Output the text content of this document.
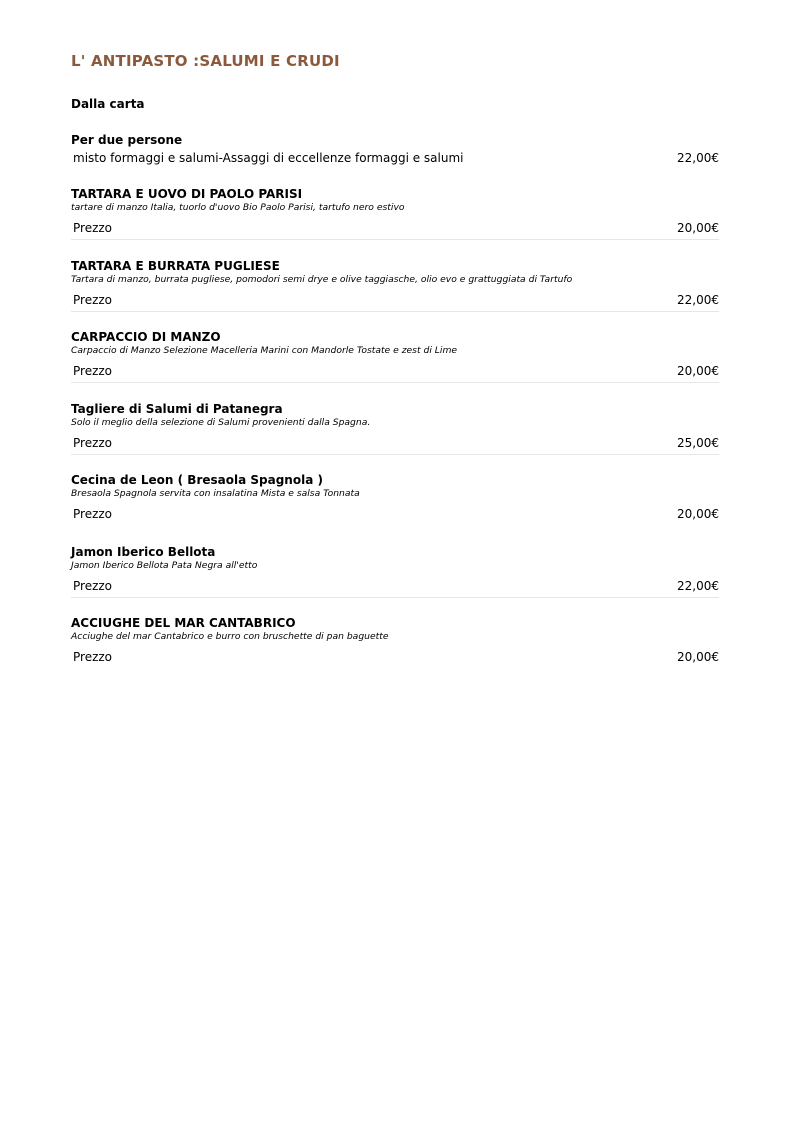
L' ANTIPASTO :SALUMI E CRUDI
Dalla carta
Per due persone
misto formaggi e salumi-Assaggi di eccellenze formaggi e salumi	22,00€
TARTARA E UOVO DI PAOLO PARISI
tartare di manzo Italia, tuorlo d'uovo Bio Paolo Parisi, tartufo nero estivo
Prezzo	20,00€
TARTARA E BURRATA PUGLIESE
Tartara di manzo, burrata pugliese, pomodori semi drye e olive taggiasche, olio evo e grattuggiata di Tartufo
Prezzo	22,00€
CARPACCIO DI MANZO
Carpaccio di Manzo Selezione Macelleria Marini con Mandorle Tostate e zest di Lime
Prezzo	20,00€
Tagliere di Salumi di Patanegra
Solo il meglio della selezione di Salumi provenienti dalla Spagna.
Prezzo	25,00€
Cecina de Leon ( Bresaola Spagnola )
Bresaola Spagnola servita con insalatina Mista e salsa Tonnata
Prezzo	20,00€
Jamon Iberico Bellota
Jamon Iberico Bellota Pata Negra all'etto
Prezzo	22,00€
ACCIUGHE DEL MAR CANTABRICO
Acciughe del mar Cantabrico e burro con bruschette di pan baguette
Prezzo	20,00€
